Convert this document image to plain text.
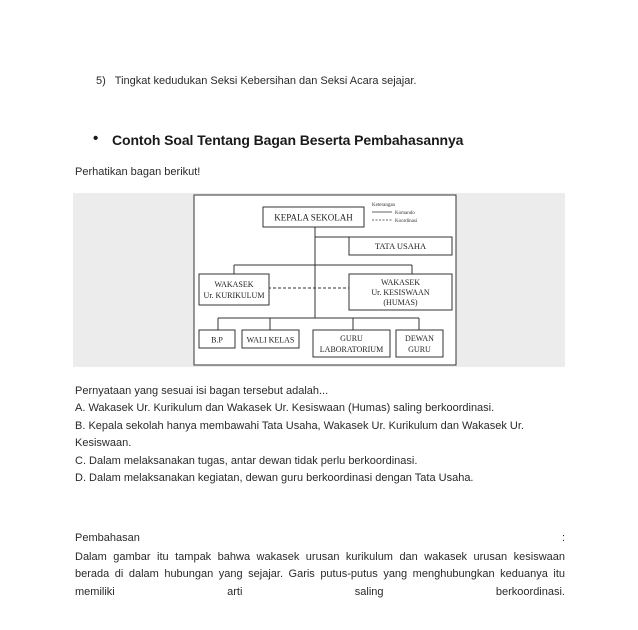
5) Tingkat kedudukan Seksi Kebersihan dan Seksi Acara sejajar.
• Contoh Soal Tentang Bagan Beserta Pembahasannya
Perhatikan bagan berikut!
KEPALA SEKOLAH
Keterangan
Komando
Koordinasi
TATA USAHA
WAKASEK
Ur. KURIKULUM
WAKASEK
Ur. KESISWAAN
(HUMAS)
B.P	WALI KELAS	GURU
LABORATORIUM
DEWAN
GURU
Pernyataan yang sesuai isi bagan tersebut adalah...
A. Wakasek Ur. Kurikulum dan Wakasek Ur. Kesiswaan (Humas) saling berkoordinasi.
B. Kepala sekolah hanya membawahi Tata Usaha, Wakasek Ur. Kurikulum dan Wakasek Ur.
Kesiswaan.
C. Dalam melaksanakan tugas, antar dewan tidak perlu berkoordinasi.
D. Dalam melaksanakan kegiatan, dewan guru berkoordinasi dengan Tata Usaha.
Pembahasan	:
Dalam gambar itu tampak bahwa wakasek urusan kurikulum dan wakasek urusan kesiswaan
berada di dalam hubungan yang sejajar. Garis putus-putus yang menghubungkan keduanya itu
memiliki	arti	saling	berkoordinasi.
